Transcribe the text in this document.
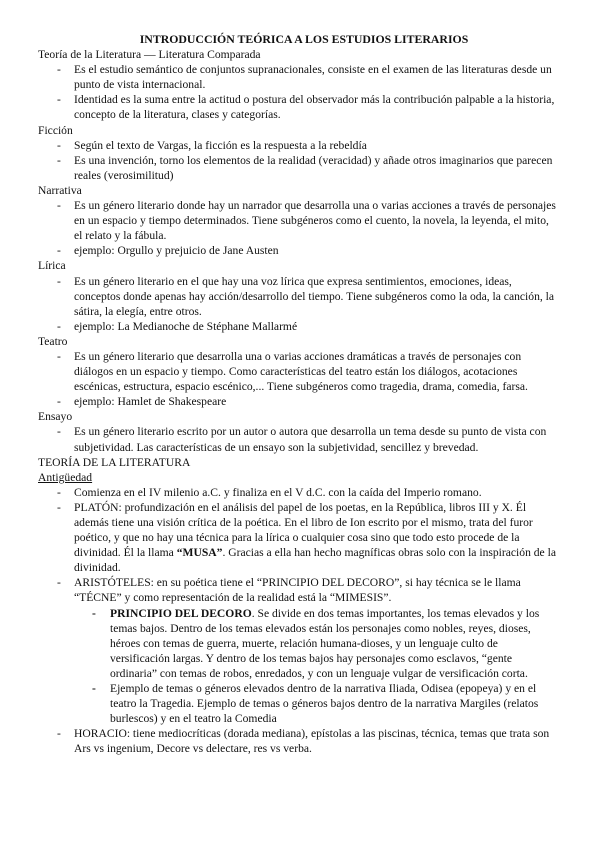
INTRODUCCIÓN TEÓRICA A LOS ESTUDIOS LITERARIOS

Teoría de la Literatura — Literatura Comparada

- Es el estudio semántico de conjuntos supranacionales, consiste en el examen de las literaturas desde un punto de vista internacional.
- Identidad es la suma entre la actitud o postura del observador más la contribución palpable a la historia, concepto de la literatura, clases y categorías.

Ficción

- Según el texto de Vargas, la ficción es la respuesta a la rebeldía
- Es una invención, torno los elementos de la realidad (veracidad) y añade otros imaginarios que parecen reales (verosimilitud)

Narrativa

- Es un género literario donde hay un narrador que desarrolla una o varias acciones a través de personajes en un espacio y tiempo determinados. Tiene subgéneros como el cuento, la novela, la leyenda, el mito, el relato y la fábula.
- ejemplo: Orgullo y prejuicio de Jane Austen

Lírica

- Es un género literario en el que hay una voz lírica que expresa sentimientos, emociones, ideas, conceptos donde apenas hay acción/desarrollo del tiempo. Tiene subgéneros como la oda, la canción, la sátira, la elegía, entre otros.
- ejemplo: La Medianoche de Stéphane Mallarmé

Teatro

- Es un género literario que desarrolla una o varias acciones dramáticas a través de personajes con diálogos en un espacio y tiempo. Como características del teatro están los diálogos, acotaciones escénicas, estructura, espacio escénico,... Tiene subgéneros como tragedia, drama, comedia, farsa.
- ejemplo: Hamlet de Shakespeare

Ensayo

- Es un género literario escrito por un autor o autora que desarrolla un tema desde su punto de vista con subjetividad. Las características de un ensayo son la subjetividad, sencillez y brevedad.

TEORÍA DE LA LITERATURA

Antigüedad

- Comienza en el IV milenio a.C. y finaliza en el V d.C. con la caída del Imperio romano.
- PLATÓN: profundización en el análisis del papel de los poetas, en la República, libros III y X. Él además tiene una visión crítica de la poética. En el libro de Ion escrito por el mismo, trata del furor poético, y que no hay una técnica para la lírica o cualquier cosa sino que todo esto procede de la divinidad. Él la llama “MUSA”. Gracias a ella han hecho magníficas obras solo con la inspiración de la divinidad.
- ARISTÓTELES: en su poética tiene el “PRINCIPIO DEL DECORO”, si hay técnica se le llama “TÉCNE” y como representación de la realidad está la “MIMESIS”.
- PRINCIPIO DEL DECORO. Se divide en dos temas importantes, los temas elevados y los temas bajos. Dentro de los temas elevados están los personajes como nobles, reyes, dioses, héroes con temas de guerra, muerte, relación humana-dioses, y un lenguaje culto de versificación largas. Y dentro de los temas bajos hay personajes como esclavos, “gente ordinaria” con temas de robos, enredados, y con un lenguaje vulgar de versificación corta.
- Ejemplo de temas o géneros elevados dentro de la narrativa Iliada, Odisea (epopeya) y en el teatro la Tragedia. Ejemplo de temas o géneros bajos dentro de la narrativa Margiles (relatos burlescos) y en el teatro la Comedia
- HORACIO: tiene mediocríticas (dorada mediana), epístolas a las piscinas, técnica, temas que trata son Ars vs ingenium, Decore vs delectare, res vs verba.
